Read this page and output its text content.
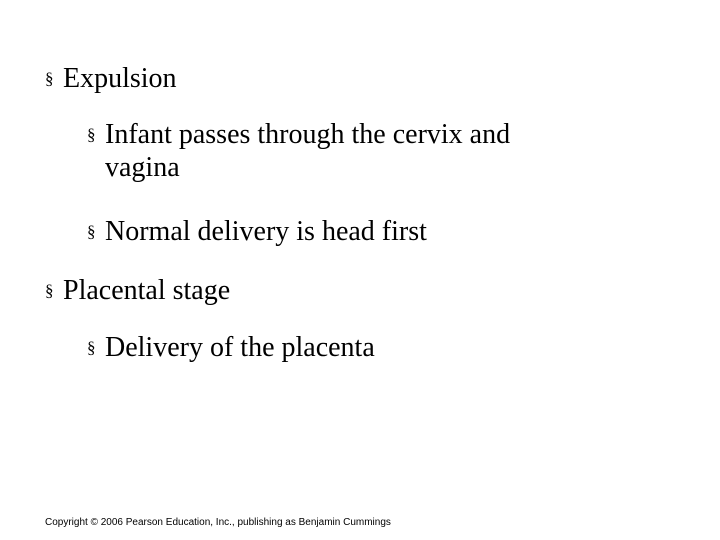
§ Expulsion
§ Infant passes through the cervix and vagina
§ Normal delivery is head first
§ Placental stage
§ Delivery of the placenta
Copyright © 2006 Pearson Education, Inc., publishing as Benjamin Cummings
